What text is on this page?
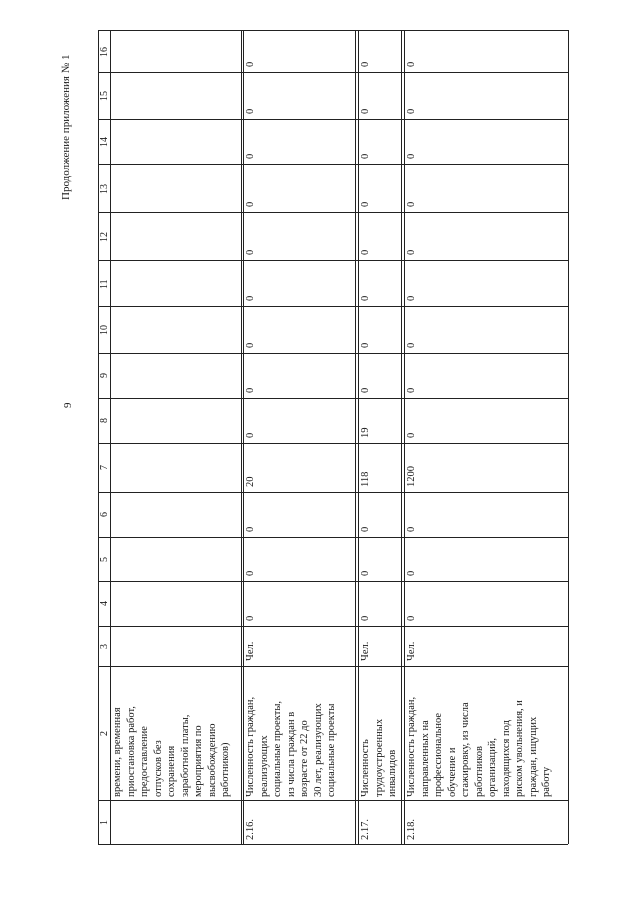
9
Продолжение приложения № 1
1
2
3
4
5
6
7
8
9
10
11
12
13
14
15
16
времени, временная приостановка работ, предоставление отпусков без сохранения заработной платы, мероприятия по высвобождению работников)
2.16.
Численность граждан, реализующих социальные проекты, из числа граждан в возрасте от 22 до 30 лет, реализующих социальные проекты
Чел.
0
0
0
20
0
0
0
0
0
0
0
0
0
2.17.
Численность трудоустроенных инвалидов
Чел.
0
0
0
118
19
0
0
0
0
0
0
0
0
2.18.
Численность граждан, направленных на профессиональное обучение и стажировку, из числа работников организаций, находящихся под риском увольнения, и граждан, ищущих работу
Чел.
0
0
0
1200
0
0
0
0
0
0
0
0
0
